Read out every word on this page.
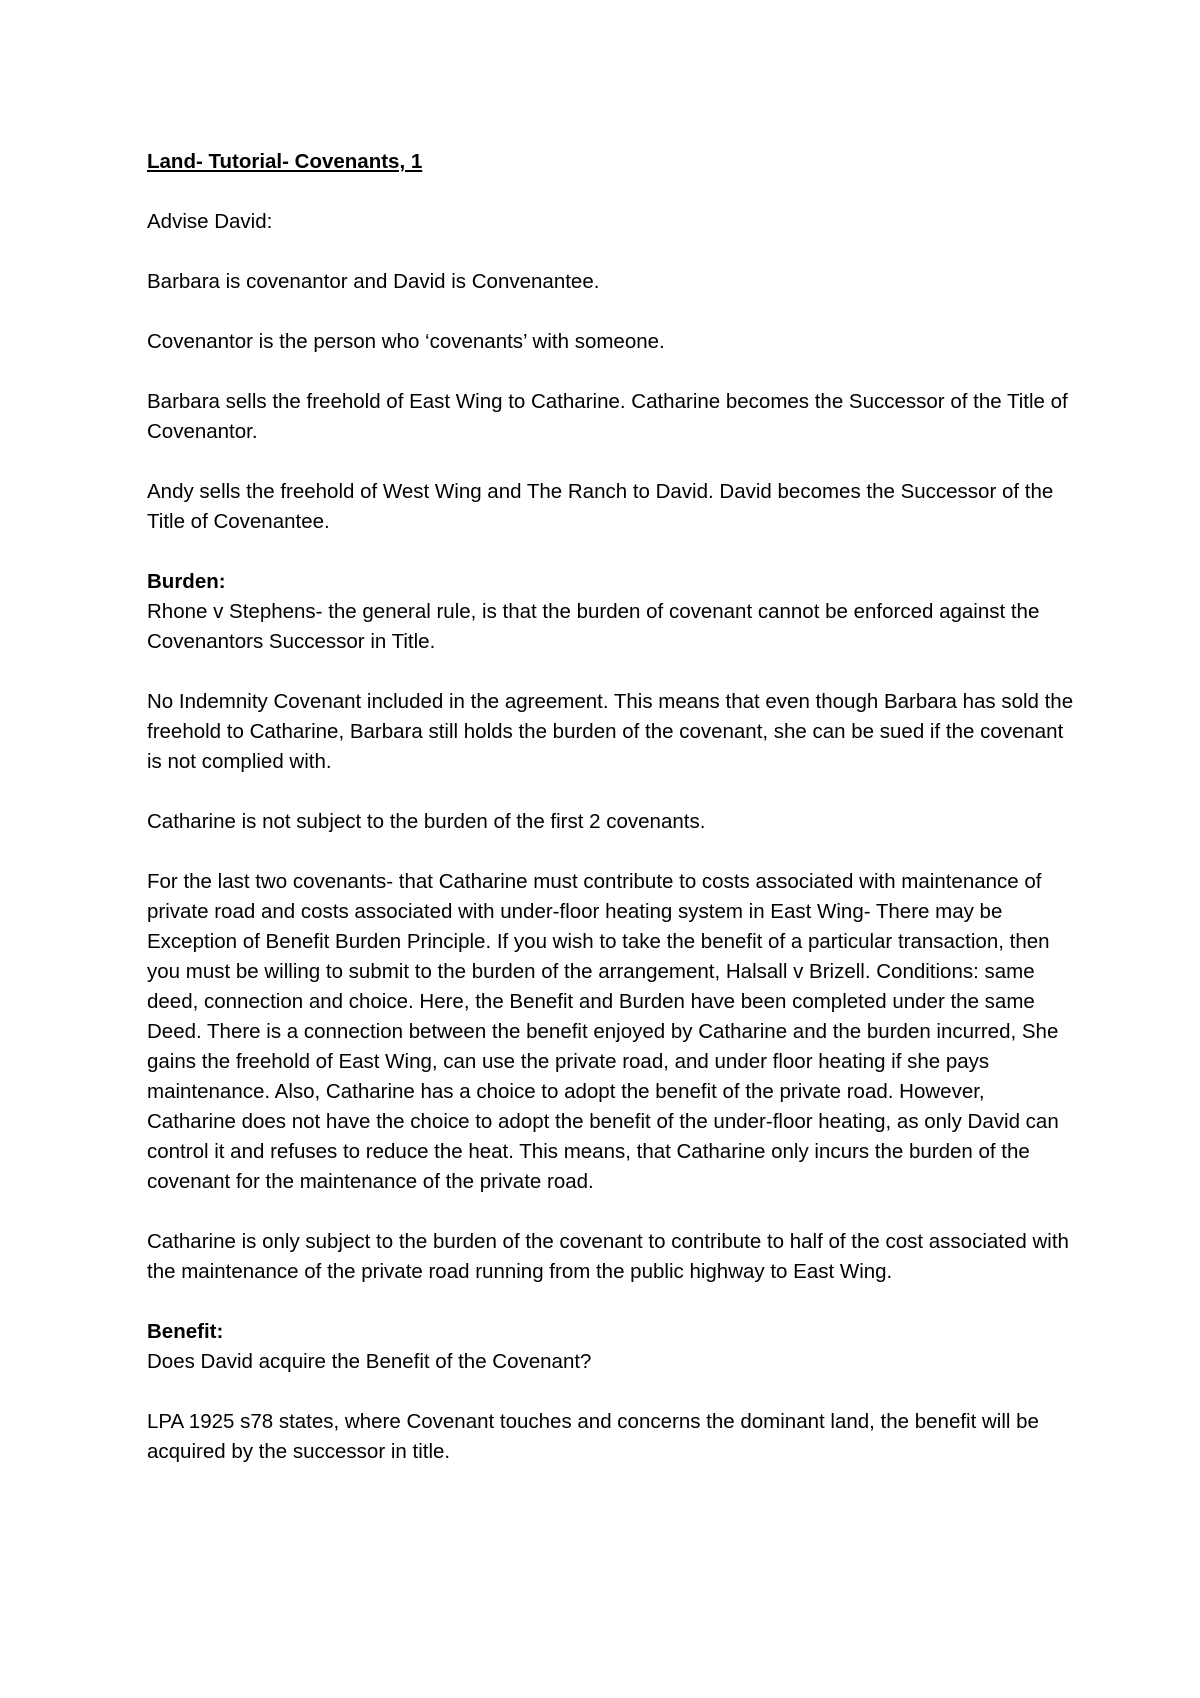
Land- Tutorial- Covenants, 1

Advise David:

Barbara is covenantor and David is Convenantee.

Covenantor is the person who ‘covenants’ with someone.

Barbara sells the freehold of East Wing to Catharine. Catharine becomes the Successor of the Title of Covenantor.

Andy sells the freehold of West Wing and The Ranch to David. David becomes the Successor of the Title of Covenantee.

Burden:
Rhone v Stephens- the general rule, is that the burden of covenant cannot be enforced against the Covenantors Successor in Title.

No Indemnity Covenant included in the agreement. This means that even though Barbara has sold the freehold to Catharine, Barbara still holds the burden of the covenant, she can be sued if the covenant is not complied with.

Catharine is not subject to the burden of the first 2 covenants.

For the last two covenants- that Catharine must contribute to costs associated with maintenance of private road and costs associated with under-floor heating system in East Wing- There may be Exception of Benefit Burden Principle. If you wish to take the benefit of a particular transaction, then you must be willing to submit to the burden of the arrangement, Halsall v Brizell. Conditions: same deed, connection and choice. Here, the Benefit and Burden have been completed under the same Deed. There is a connection between the benefit enjoyed by Catharine and the burden incurred, She gains the freehold of East Wing, can use the private road, and under floor heating if she pays maintenance. Also, Catharine has a choice to adopt the benefit of the private road. However, Catharine does not have the choice to adopt the benefit of the under-floor heating, as only David can control it and refuses to reduce the heat. This means, that Catharine only incurs the burden of the covenant for the maintenance of the private road.

Catharine is only subject to the burden of the covenant to contribute to half of the cost associated with the maintenance of the private road running from the public highway to East Wing.

Benefit:
Does David acquire the Benefit of the Covenant?

LPA 1925 s78 states, where Covenant touches and concerns the dominant land, the benefit will be acquired by the successor in title.
